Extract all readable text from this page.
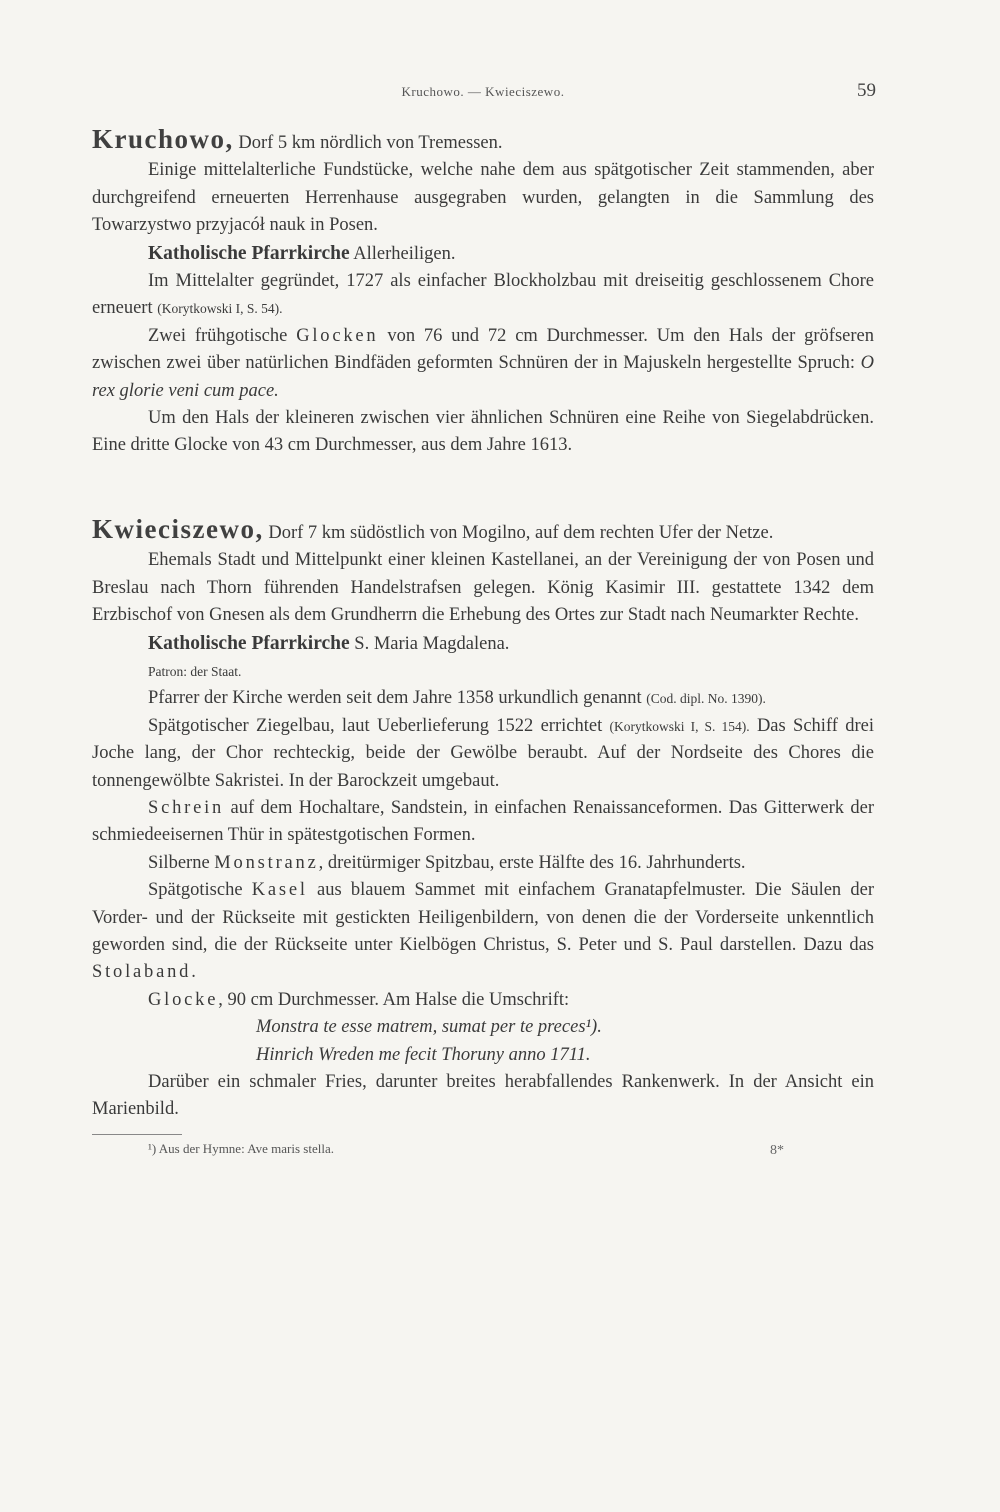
Kruchowo. — Kwieciszewo.	59

Kruchowo, Dorf 5 km nördlich von Tremessen.

Einige mittelalterliche Fundstücke, welche nahe dem aus spätgotischer Zeit stammenden, aber durchgreifend erneuerten Herrenhause ausgegraben wurden, gelangten in die Sammlung des Towarzystwo przyjacół nauk in Posen.

Katholische Pfarrkirche Allerheiligen.

Im Mittelalter gegründet, 1727 als einfacher Blockholzbau mit dreiseitig geschlossenem Chore erneuert (Korytkowski I, S. 54).

Zwei frühgotische Glocken von 76 und 72 cm Durchmesser. Um den Hals der gröfseren zwischen zwei über natürlichen Bindfäden geformten Schnüren der in Majuskeln hergestellte Spruch: O rex glorie veni cum pace.

Um den Hals der kleineren zwischen vier ähnlichen Schnüren eine Reihe von Siegelabdrücken. Eine dritte Glocke von 43 cm Durchmesser, aus dem Jahre 1613.

Kwieciszewo, Dorf 7 km südöstlich von Mogilno, auf dem rechten Ufer der Netze.

Ehemals Stadt und Mittelpunkt einer kleinen Kastellanei, an der Vereinigung der von Posen und Breslau nach Thorn führenden Handelstrafsen gelegen. König Kasimir III. gestattete 1342 dem Erzbischof von Gnesen als dem Grundherrn die Erhebung des Ortes zur Stadt nach Neumarkter Rechte.

Katholische Pfarrkirche S. Maria Magdalena.

Patron: der Staat.

Pfarrer der Kirche werden seit dem Jahre 1358 urkundlich genannt (Cod. dipl. No. 1390).

Spätgotischer Ziegelbau, laut Ueberlieferung 1522 errichtet (Korytkowski I, S. 154). Das Schiff drei Joche lang, der Chor rechteckig, beide der Gewölbe beraubt. Auf der Nordseite des Chores die tonnengewölbte Sakristei. In der Barockzeit umgebaut.

Schrein auf dem Hochaltare, Sandstein, in einfachen Renaissanceformen. Das Gitterwerk der schmiedeeisernen Thür in spätestgotischen Formen.

Silberne Monstranz, dreitürmiger Spitzbau, erste Hälfte des 16. Jahrhunderts.

Spätgotische Kasel aus blauem Sammet mit einfachem Granatapfelmuster. Die Säulen der Vorder- und der Rückseite mit gestickten Heiligenbildern, von denen die der Vorderseite unkenntlich geworden sind, die der Rückseite unter Kielbögen Christus, S. Peter und S. Paul darstellen. Dazu das Stolaband.

Glocke, 90 cm Durchmesser. Am Halse die Umschrift:

Monstra te esse matrem, sumat per te preces¹).

Hinrich Wreden me fecit Thoruny anno 1711.

Darüber ein schmaler Fries, darunter breites herabfallendes Rankenwerk. In der Ansicht ein Marienbild.

¹) Aus der Hymne: Ave maris stella.	8*
